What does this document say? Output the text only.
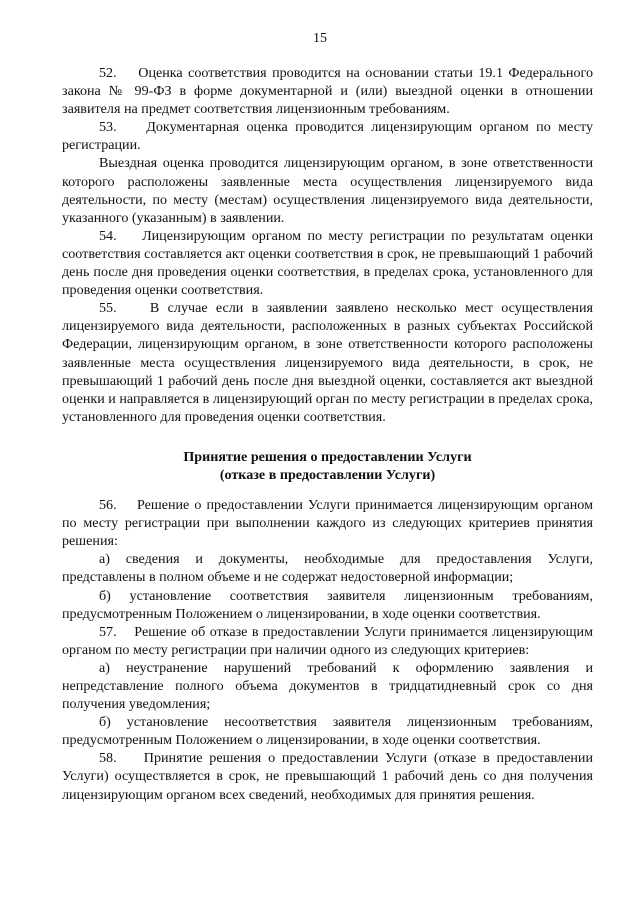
15

52.    Оценка соответствия проводится на основании статьи 19.1 Федерального закона № 99-ФЗ в форме документарной и (или) выездной оценки в отношении заявителя на предмет соответствия лицензионным требованиям.

53.    Документарная оценка проводится лицензирующим органом по месту регистрации.

Выездная оценка проводится лицензирующим органом, в зоне ответственности которого расположены заявленные места осуществления лицензируемого вида деятельности, по месту (местам) осуществления лицензируемого вида деятельности, указанного (указанным) в заявлении.

54.    Лицензирующим органом по месту регистрации по результатам оценки соответствия составляется акт оценки соответствия в срок, не превышающий 1 рабочий день после дня проведения оценки соответствия, в пределах срока, установленного для проведения оценки соответствия.

55.    В случае если в заявлении заявлено несколько мест осуществления лицензируемого вида деятельности, расположенных в разных субъектах Российской Федерации, лицензирующим органом, в зоне ответственности которого расположены заявленные места осуществления лицензируемого вида деятельности, в срок, не превышающий 1 рабочий день после дня выездной оценки, составляется акт выездной оценки и направляется в лицензирующий орган по месту регистрации в пределах срока, установленного для проведения оценки соответствия.

Принятие решения о предоставлении Услуги
(отказе в предоставлении Услуги)

56.    Решение о предоставлении Услуги принимается лицензирующим органом по месту регистрации при выполнении каждого из следующих критериев принятия решения:

а) сведения и документы, необходимые для предоставления Услуги, представлены в полном объеме и не содержат недостоверной информации;

б) установление соответствия заявителя лицензионным требованиям, предусмотренным Положением о лицензировании, в ходе оценки соответствия.

57.    Решение об отказе в предоставлении Услуги принимается лицензирующим органом по месту регистрации при наличии одного из следующих критериев:

а) неустранение нарушений требований к оформлению заявления и непредставление полного объема документов в тридцатидневный срок со дня получения уведомления;

б) установление несоответствия заявителя лицензионным требованиям, предусмотренным Положением о лицензировании, в ходе оценки соответствия.

58.    Принятие решения о предоставлении Услуги (отказе в предоставлении Услуги) осуществляется в срок, не превышающий 1 рабочий день со дня получения лицензирующим органом всех сведений, необходимых для принятия решения.
